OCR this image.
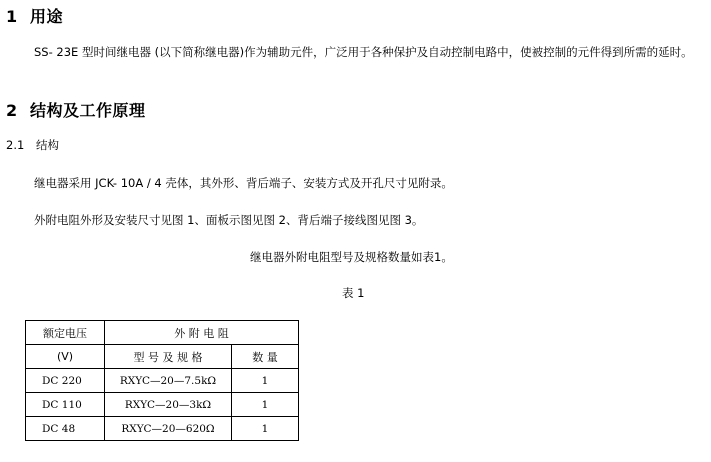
1 用途
SS- 23E 型时间继电器 (以下简称继电器)作为辅助元件，广泛用于各种保护及自动控制电路中，使被控制的元件得到所需的延时。
2 结构及工作原理
2.1 结构
继电器采用 JCK- 10A / 4 壳体，其外形、背后端子、安装方式及开孔尺寸见附录。
外附电阻外形及安装尺寸见图 1、面板示图见图 2、背后端子接线图见图 3。
继电器外附电阻型号及规格数量如表1。
表 1
额定电压	外 附 电 阻	
(V)	型 号 及 规 格	数 量
DC 220	RXYC—20—7.5kΩ	1
DC 110	RXYC—20—3kΩ	1
DC 48	RXYC—20—620Ω	1
